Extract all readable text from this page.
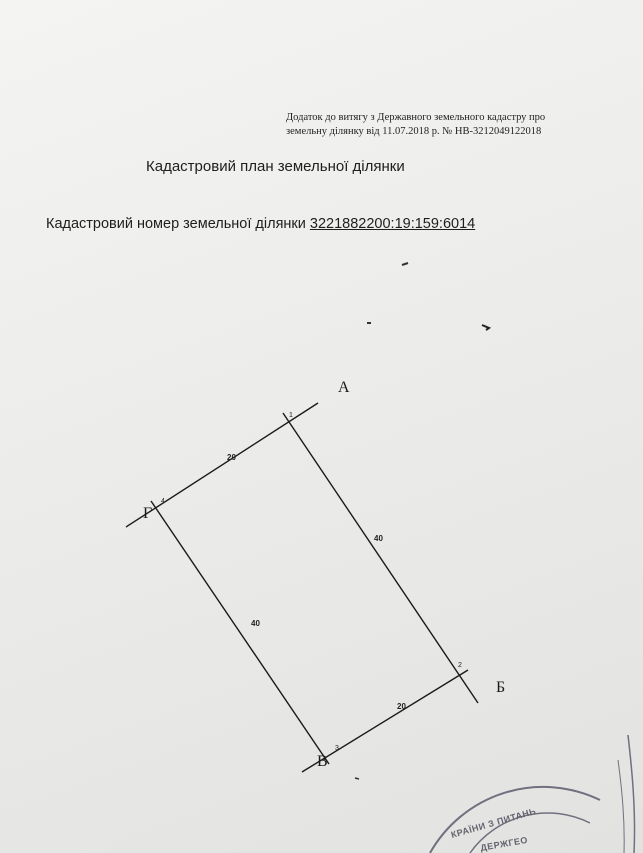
Додаток до витягу з Державного земельного кадастру про
земельну ділянку від 11.07.2018 р. № НВ-3212049122018
Кадастровий план земельної ділянки
Кадастровий номер земельної ділянки 3221882200:19:159:6014
А
Б
В
Г
1
2
3
4
20
40
40
20
КРАЇНИ З ПИТАНЬ
ДЕРЖГЕО
